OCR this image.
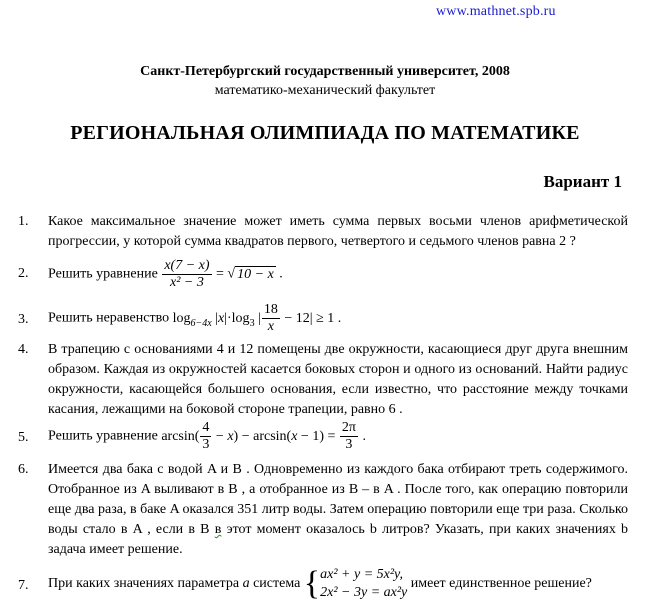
www.mathnet.spb.ru
Санкт-Петербургский государственный университет, 2008
математико-механический факультет
РЕГИОНАЛЬНАЯ ОЛИМПИАДА ПО МАТЕМАТИКЕ
Вариант 1
1. Какое максимальное значение может иметь сумма первых восьми членов арифметической прогрессии, у которой сумма квадратов первого, четвертого и седьмого членов равна 2 ?
2. Решить уравнение $\frac{x(7 - x)}{\text{x² − 3}}$ = √ 10 − x .
3. Решить неравенство $\log_{6-4x} |x|\cdot\log_3$ | $\frac{18}{x} - 12| \ge 1$ .
4. В трапецию с основаниями 4 и 12 помещены две окружности, касающиеся друг друга внешним образом. Каждая из окружностей касается боковых сторон и одного из оснований. Найти радиус окружности, касающейся большего основания, если известно, что расстояние между точками касания, лежащими на боковой стороне трапеции, равно 6 .
5. Решить уравнение $\arcsin( \frac{4}{3} - x) - \arcsin(x - 1) = \frac{2\pi}{3}$ .
6. Имеется два бака с водой A и B . Одновременно из каждого бака отбирают треть содержимого. Отобранное из A выливают в B , а отобранное из B – в A . После того, как операцию повторили еще два раза, в баке A оказался 351 литр воды. Затем операцию повторили еще три раза. Сколько воды стало в A , если в B в этот момент оказалось b литров? Указать, при каких значениях b задача имеет решение.
7. При каких значениях параметра a система {ax² + y = 5x²y,
2x² − 3y = ax²y имеет единственное решение?
